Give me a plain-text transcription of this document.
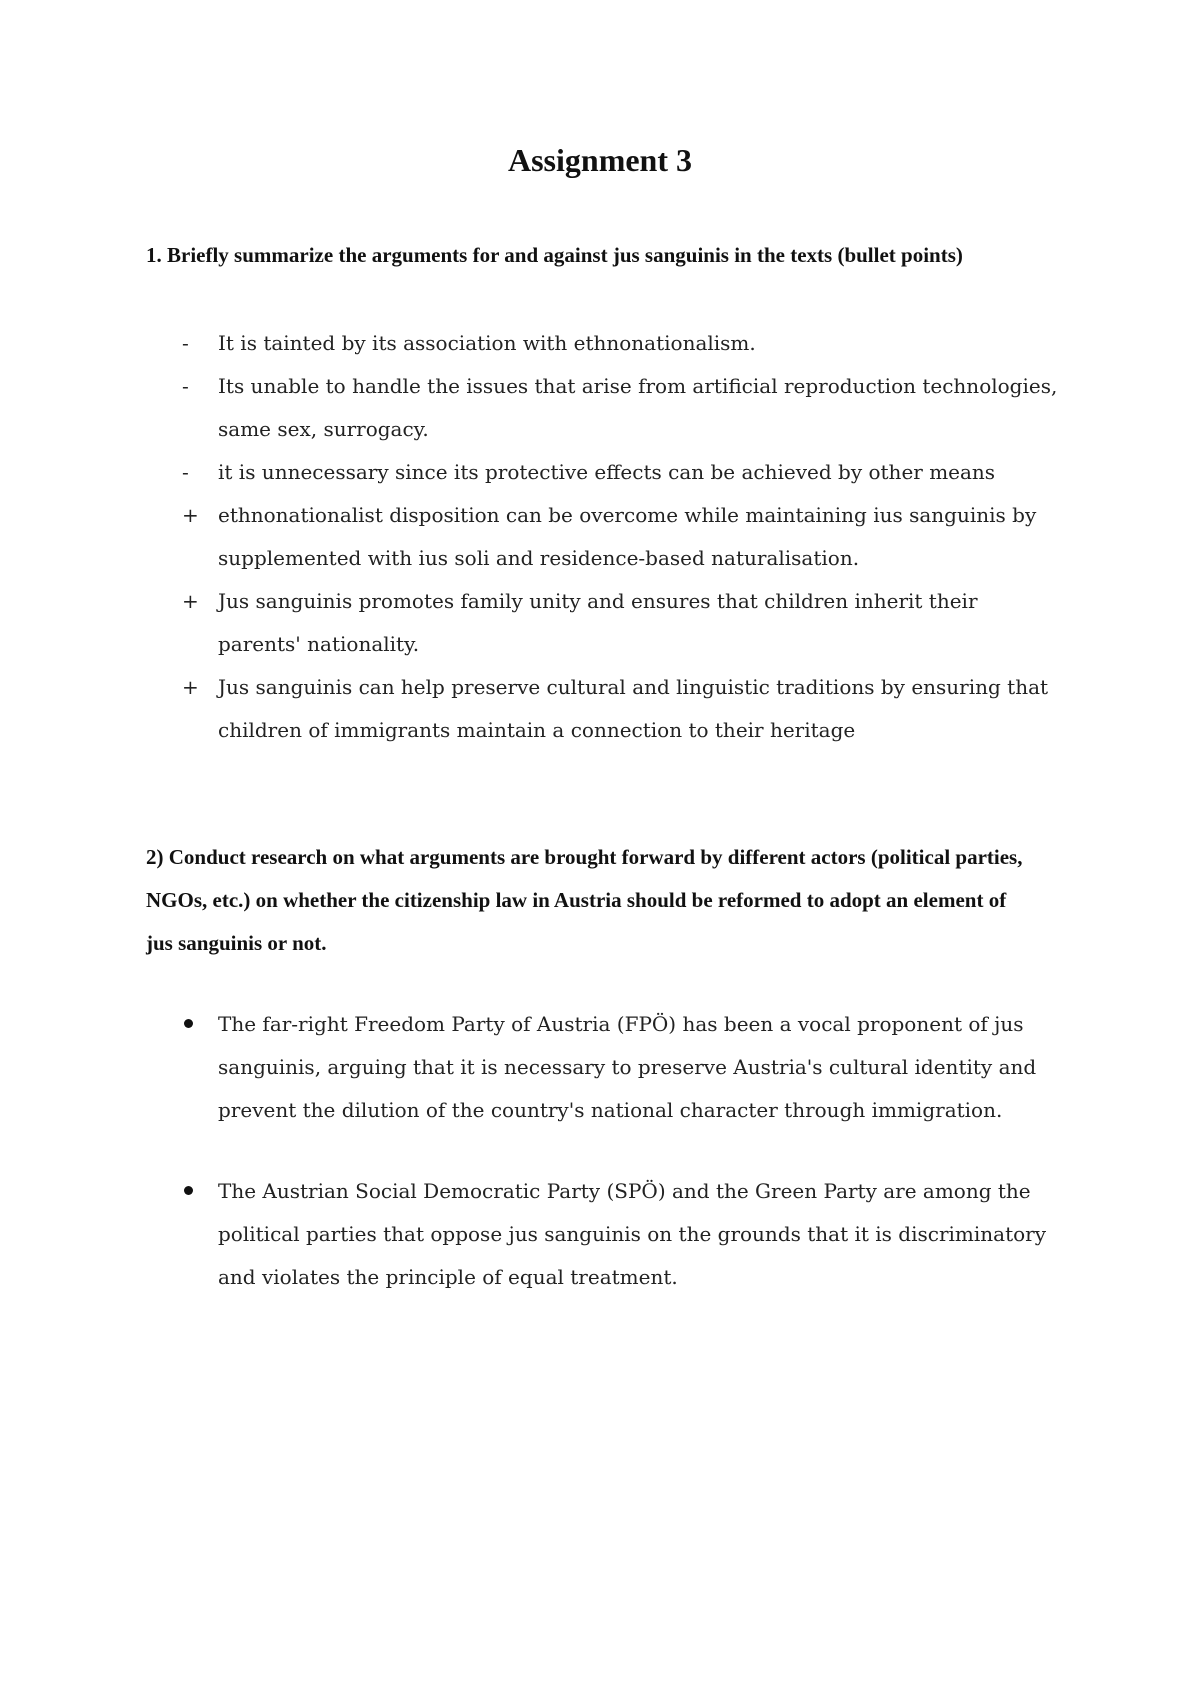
Assignment 3

1. Briefly summarize the arguments for and against jus sanguinis in the texts (bullet points)

-	It is tainted by its association with ethnonationalism.
-	Its unable to handle the issues that arise from artificial reproduction technologies, same sex, surrogacy.
-	it is unnecessary since its protective effects can be achieved by other means
+ ethnonationalist disposition can be overcome while maintaining ius sanguinis by supplemented with ius soli and residence-based naturalisation.
+ Jus sanguinis promotes family unity and ensures that children inherit their parents' nationality.
+ Jus sanguinis can help preserve cultural and linguistic traditions by ensuring that children of immigrants maintain a connection to their heritage

2) Conduct research on what arguments are brought forward by different actors (political parties, NGOs, etc.) on whether the citizenship law in Austria should be reformed to adopt an element of jus sanguinis or not.

The far-right Freedom Party of Austria (FPÖ) has been a vocal proponent of jus sanguinis, arguing that it is necessary to preserve Austria's cultural identity and prevent the dilution of the country's national character through immigration.
The Austrian Social Democratic Party (SPÖ) and the Green Party are among the political parties that oppose jus sanguinis on the grounds that it is discriminatory and violates the principle of equal treatment.
